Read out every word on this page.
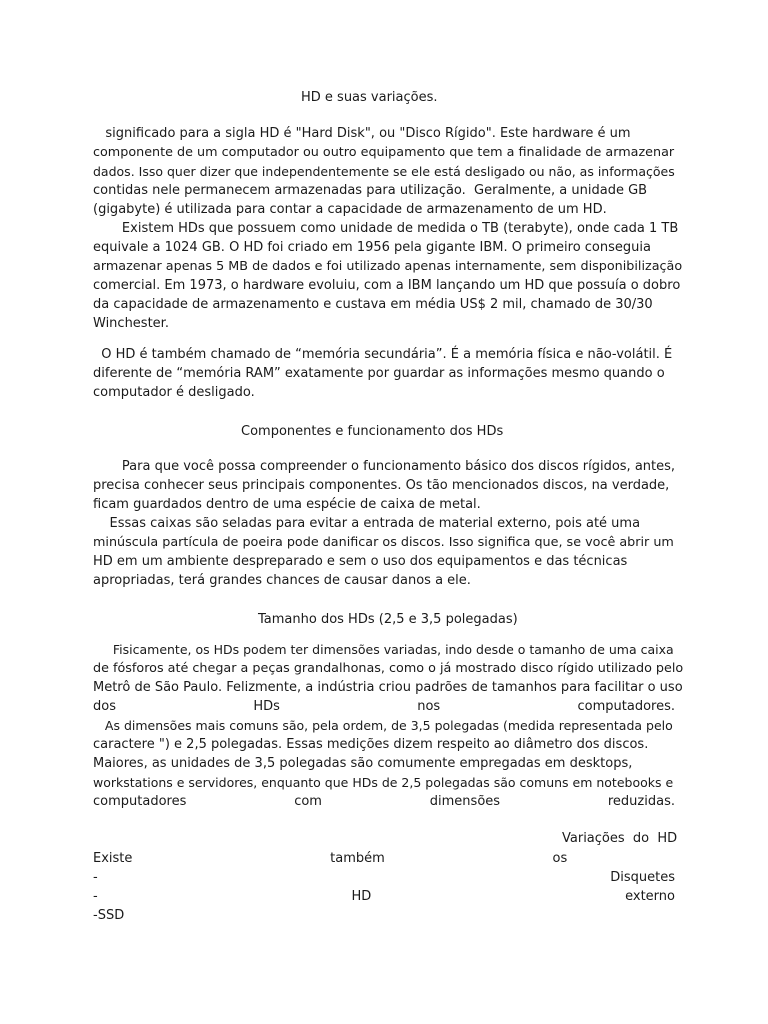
HD e suas variações.
significado para a sigla HD é "Hard Disk", ou "Disco Rígido". Este hardware é um
componente de um computador ou outro equipamento que tem a finalidade de armazenar
dados. Isso quer dizer que independentemente se ele está desligado ou não, as informações
contidas nele permanecem armazenadas para utilização.  Geralmente, a unidade GB
(gigabyte) é utilizada para contar a capacidade de armazenamento de um HD.
Existem HDs que possuem como unidade de medida o TB (terabyte), onde cada 1 TB
equivale a 1024 GB. O HD foi criado em 1956 pela gigante IBM. O primeiro conseguia
armazenar apenas 5 MB de dados e foi utilizado apenas internamente, sem disponibilização
comercial. Em 1973, o hardware evoluiu, com a IBM lançando um HD que possuía o dobro
da capacidade de armazenamento e custava em média US$ 2 mil, chamado de 30/30
Winchester.
O HD é também chamado de “memória secundária”. É a memória física e não-volátil. É
diferente de “memória RAM” exatamente por guardar as informações mesmo quando o
computador é desligado.
Componentes e funcionamento dos HDs
Para que você possa compreender o funcionamento básico dos discos rígidos, antes,
precisa conhecer seus principais componentes. Os tão mencionados discos, na verdade,
ficam guardados dentro de uma espécie de caixa de metal.
Essas caixas são seladas para evitar a entrada de material externo, pois até uma
minúscula partícula de poeira pode danificar os discos. Isso significa que, se você abrir um
HD em um ambiente despreparado e sem o uso dos equipamentos e das técnicas
apropriadas, terá grandes chances de causar danos a ele.
Tamanho dos HDs (2,5 e 3,5 polegadas)
Fisicamente, os HDs podem ter dimensões variadas, indo desde o tamanho de uma caixa
de fósforos até chegar a peças grandalhonas, como o já mostrado disco rígido utilizado pelo
Metrô de São Paulo. Felizmente, a indústria criou padrões de tamanhos para facilitar o uso
dos	HDs	nos	computadores.
As dimensões mais comuns são, pela ordem, de 3,5 polegadas (medida representada pelo
caractere ") e 2,5 polegadas. Essas medições dizem respeito ao diâmetro dos discos.
Maiores, as unidades de 3,5 polegadas são comumente empregadas em desktops,
workstations e servidores, enquanto que HDs de 2,5 polegadas são comuns em notebooks e
computadores	com	dimensões	reduzidas.
Variações  do  HD
Existe	também	os
-	Disquetes
-	HD	externo
-SSD
